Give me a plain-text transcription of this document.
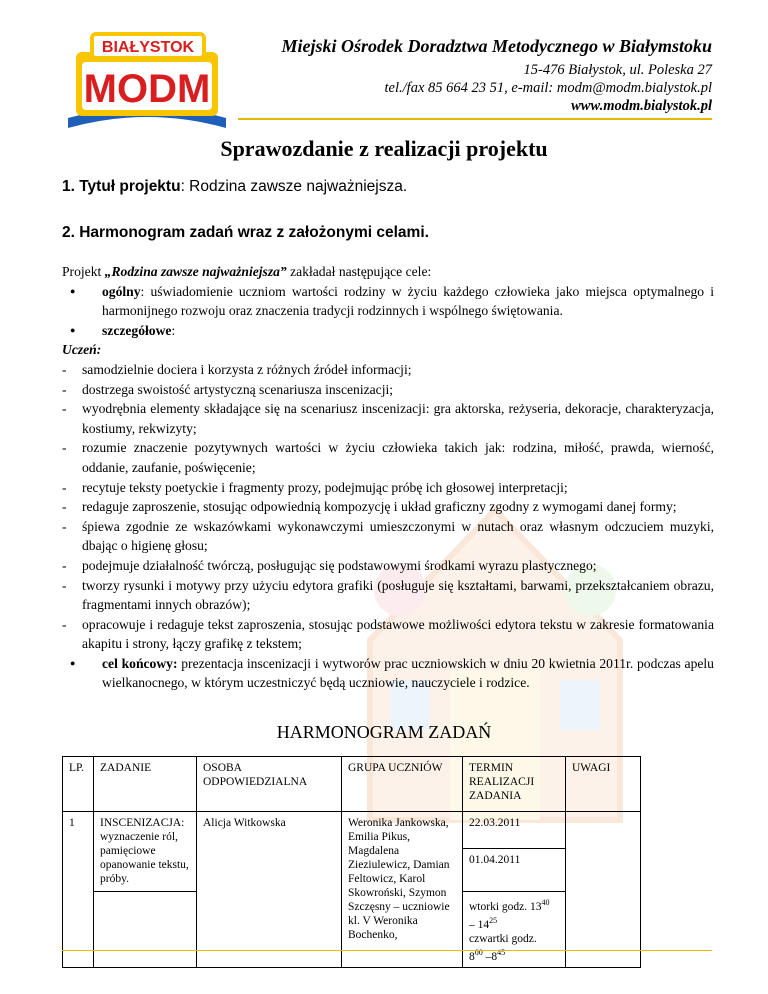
BIAŁYSTOK
MODM
Miejski Ośrodek Doradztwa Metodycznego w Białymstoku
15-476 Białystok, ul. Poleska 27
tel./fax 85 664 23 51, e-mail: modm@modm.bialystok.pl
www.modm.bialystok.pl
Sprawozdanie z realizacji projektu
1. Tytuł projektu: Rodzina zawsze najważniejsza.
2. Harmonogram zadań wraz z założonymi celami.

Projekt „Rodzina zawsze najważniejsza” zakładał następujące cele:

● ogólny: uświadomienie uczniom wartości rodziny w życiu każdego człowieka jako miejsca optymalnego i harmonijnego rozwoju oraz znaczenia tradycji rodzinnych i wspólnego świętowania.

● szczegółowe:

Uczeń:

- samodzielnie dociera i korzysta z różnych źródeł informacji;

- dostrzega swoistość artystyczną scenariusza inscenizacji;

- wyodrębnia elementy składające się na scenariusz inscenizacji: gra aktorska, reżyseria, dekoracje, charakteryzacja, kostiumy, rekwizyty;

- rozumie znaczenie pozytywnych wartości w życiu człowieka takich jak: rodzina, miłość, prawda, wierność, oddanie, zaufanie, poświęcenie;

- recytuje teksty poetyckie i fragmenty prozy, podejmując próbę ich głosowej interpretacji;

- redaguje zaproszenie, stosując odpowiednią kompozycję i układ graficzny zgodny z wymogami danej formy;

- śpiewa zgodnie ze wskazówkami wykonawczymi umieszczonymi w nutach oraz własnym odczuciem muzyki, dbając o higienę głosu;

- podejmuje działalność twórczą, posługując się podstawowymi środkami wyrazu plastycznego;

- tworzy rysunki i motywy przy użyciu edytora grafiki (posługuje się kształtami, barwami, przekształcaniem obrazu, fragmentami innych obrazów);

- opracowuje i redaguje tekst zaproszenia, stosując podstawowe możliwości edytora tekstu w zakresie formatowania akapitu i strony, łączy grafikę z tekstem;

● cel końcowy: prezentacja inscenizacji i wytworów prac uczniowskich w dniu 20 kwietnia 2011r. podczas apelu wielkanocnego, w którym uczestniczyć będą uczniowie, nauczyciele i rodzice.

HARMONOGRAM ZADAŃ
LP.	ZADANIE	OSOBA ODPOWIEDZIALNA	GRUPA UCZNIÓW	TERMIN REALIZACJI ZADANIA	UWAGI
1	INSCENIZACJA: wyznaczenie ról, pamięciowe opanowanie tekstu, próby.	Alicja Witkowska	Weronika Jankowska, Emilia Pikus, Magdalena Zieziulewicz, Damian Feltowicz, Karol Skowroński, Szymon Szczęsny – uczniowie kl. V Weronika Bochenko,	22.03.2011	
				01.04.2011	
				wtorki godz. $13^{40}$
– $14^{25}$
czwartki godz.
$8^{00}$ $-8^{45}$
